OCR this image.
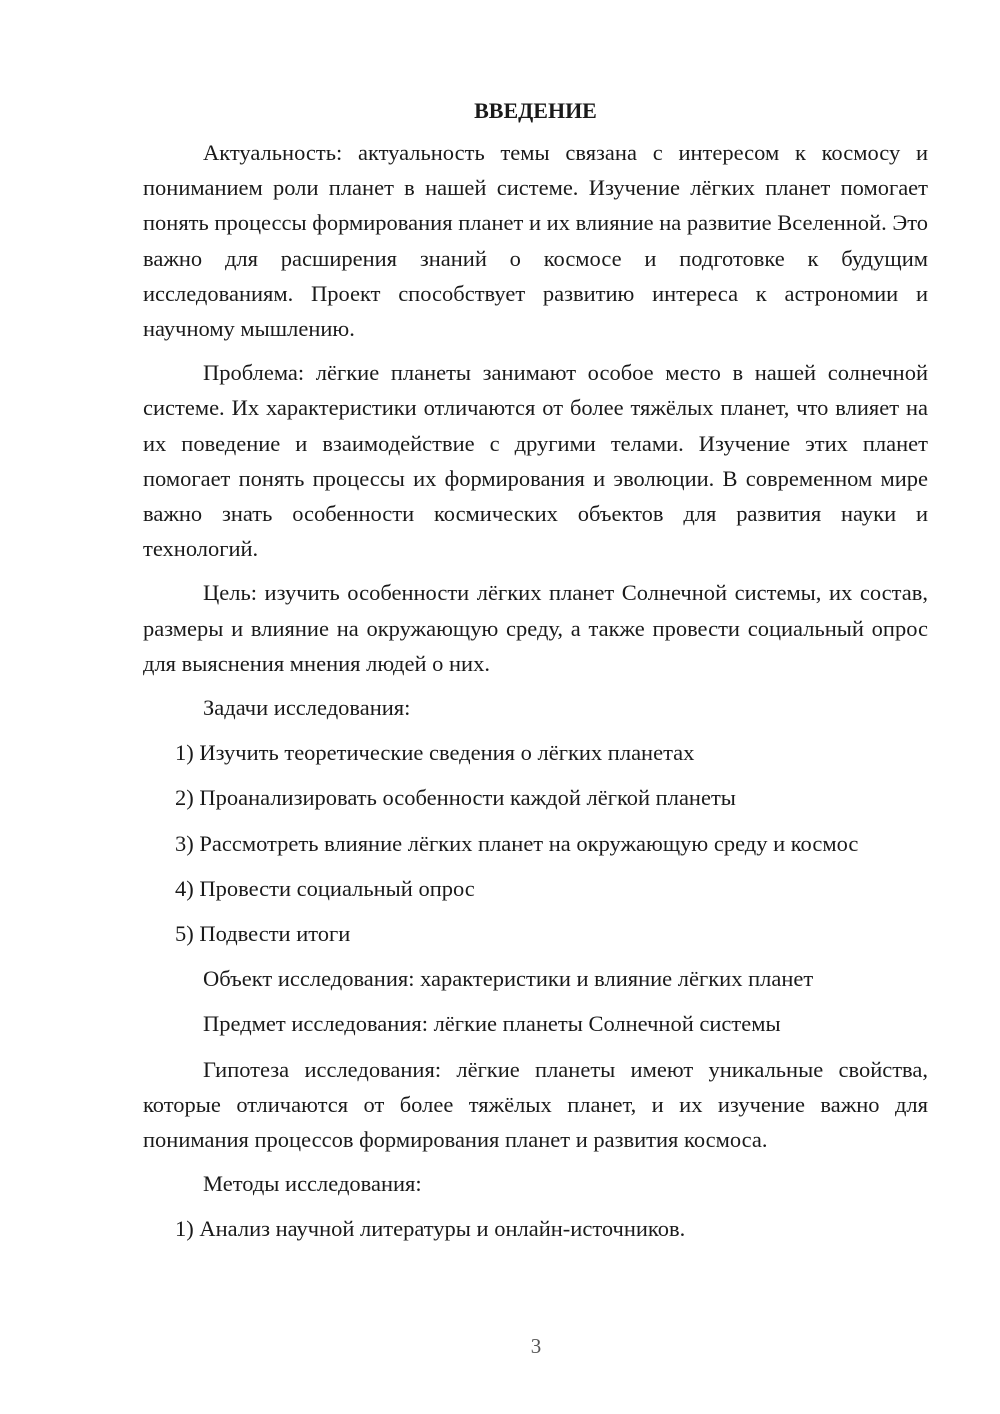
ВВЕДЕНИЕ

Актуальность: актуальность темы связана с интересом к космосу и пониманием роли планет в нашей системе. Изучение лёгких планет помогает понять процессы формирования планет и их влияние на развитие Вселенной. Это важно для расширения знаний о космосе и подготовке к будущим исследованиям. Проект способствует развитию интереса к астрономии и научному мышлению.

Проблема: лёгкие планеты занимают особое место в нашей солнечной системе. Их характеристики отличаются от более тяжёлых планет, что влияет на их поведение и взаимодействие с другими телами. Изучение этих планет помогает понять процессы их формирования и эволюции. В современном мире важно знать особенности космических объектов для развития науки и технологий.

Цель: изучить особенности лёгких планет Солнечной системы, их состав, размеры и влияние на окружающую среду, а также провести социальный опрос для выяснения мнения людей о них.

Задачи исследования:
1) Изучить теоретические сведения о лёгких планетах
2) Проанализировать особенности каждой лёгкой планеты
3) Рассмотреть влияние лёгких планет на окружающую среду и космос
4) Провести социальный опрос
5) Подвести итоги
Объект исследования: характеристики и влияние лёгких планет
Предмет исследования: лёгкие планеты Солнечной системы

Гипотеза исследования: лёгкие планеты имеют уникальные свойства, которые отличаются от более тяжёлых планет, и их изучение важно для понимания процессов формирования планет и развития космоса.

Методы исследования:
1) Анализ научной литературы и онлайн-источников.
3
